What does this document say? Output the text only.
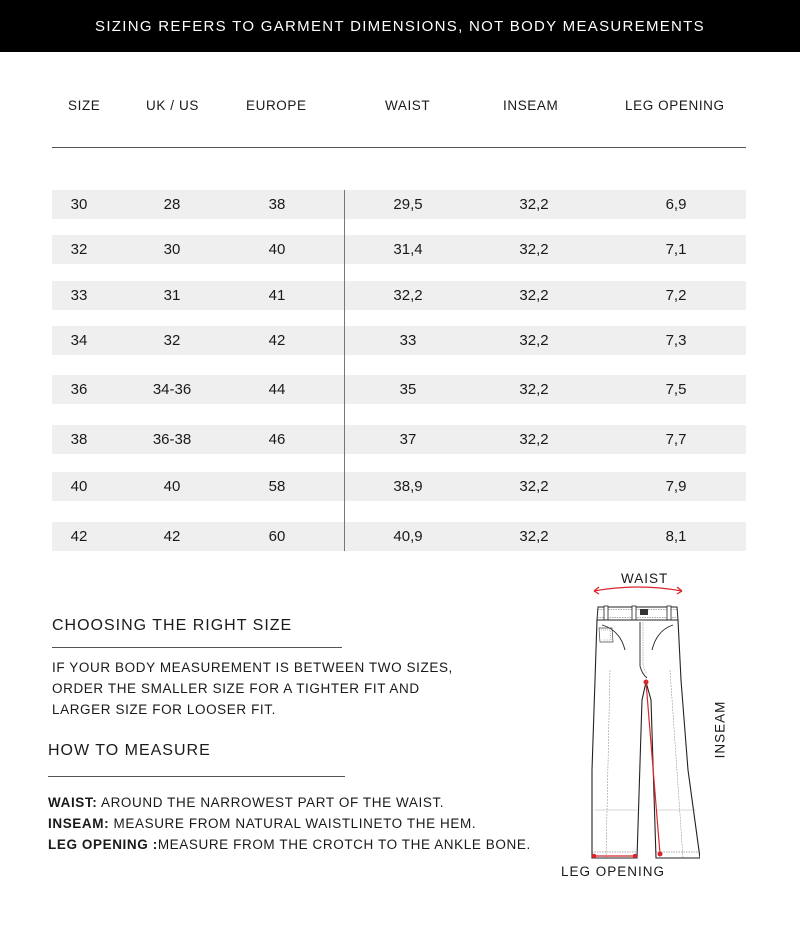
SIZING REFERS TO GARMENT DIMENSIONS, NOT BODY MEASUREMENTS
SIZE	UK / US	EUROPE	WAIST	INSEAM	LEG OPENING
30	28	38	29,5	32,2	6,9
32	30	40	31,4	32,2	7,1
33	31	41	32,2	32,2	7,2
34	32	42	33	32,2	7,3
36	34-36	44	35	32,2	7,5
38	36-38	46	37	32,2	7,7
40	40	58	38,9	32,2	7,9
42	42	60	40,9	32,2	8,1
CHOOSING THE RIGHT SIZE
IF YOUR BODY MEASUREMENT IS BETWEEN TWO SIZES,
ORDER THE SMALLER SIZE FOR A TIGHTER FIT AND
LARGER SIZE FOR LOOSER FIT.
HOW TO MEASURE
WAIST: AROUND THE NARROWEST PART OF THE WAIST.
INSEAM: MEASURE FROM NATURAL WAISTLINETO THE HEM.
LEG OPENING :MEASURE FROM THE CROTCH TO THE ANKLE BONE.
WAIST
INSEAM
LEG OPENING
